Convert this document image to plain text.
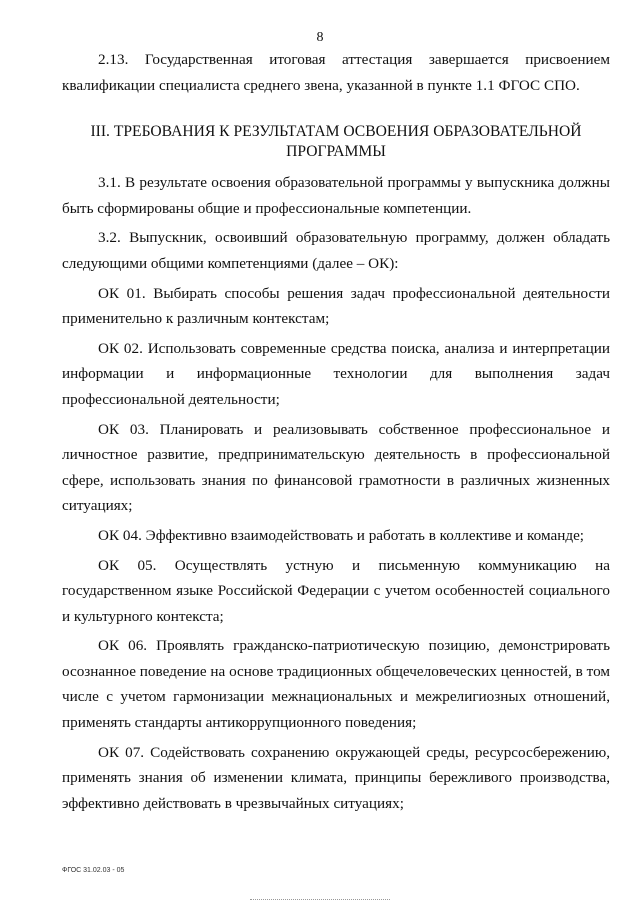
8

2.13. Государственная итоговая аттестация завершается присвоением квалификации специалиста среднего звена, указанной в пункте 1.1 ФГОС СПО.

III. ТРЕБОВАНИЯ К РЕЗУЛЬТАТАМ ОСВОЕНИЯ ОБРАЗОВАТЕЛЬНОЙ ПРОГРАММЫ

3.1. В результате освоения образовательной программы у выпускника должны быть сформированы общие и профессиональные компетенции.

3.2. Выпускник, освоивший образовательную программу, должен обладать следующими общими компетенциями (далее – ОК):

ОК 01. Выбирать способы решения задач профессиональной деятельности применительно к различным контекстам;

ОК 02. Использовать современные средства поиска, анализа и интерпретации информации и информационные технологии для выполнения задач профессиональной деятельности;

ОК 03. Планировать и реализовывать собственное профессиональное и личностное развитие, предпринимательскую деятельность в профессиональной сфере, использовать знания по финансовой грамотности в различных жизненных ситуациях;

ОК 04. Эффективно взаимодействовать и работать в коллективе и команде;

ОК 05. Осуществлять устную и письменную коммуникацию на государственном языке Российской Федерации с учетом особенностей социального и культурного контекста;

ОК 06. Проявлять гражданско-патриотическую позицию, демонстрировать осознанное поведение на основе традиционных общечеловеческих ценностей, в том числе с учетом гармонизации межнациональных и межрелигиозных отношений, применять стандарты антикоррупционного поведения;

ОК 07. Содействовать сохранению окружающей среды, ресурсосбережению, применять знания об изменении климата, принципы бережливого производства, эффективно действовать в чрезвычайных ситуациях;

ФГОС 31.02.03 - 05
